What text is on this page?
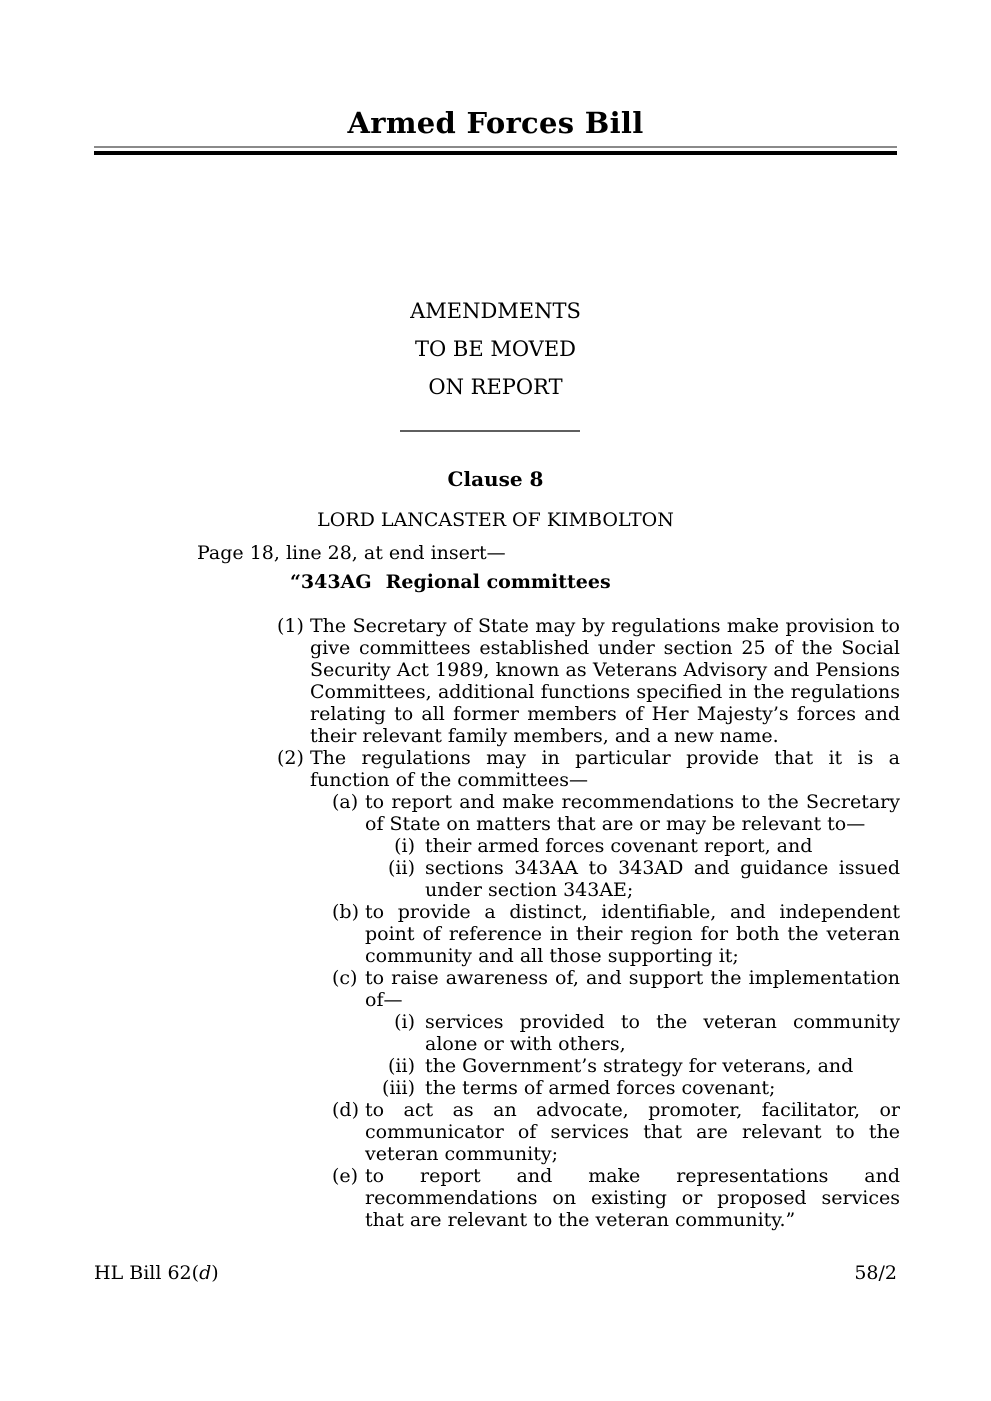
Armed Forces Bill
AMENDMENTS
TO BE MOVED
ON REPORT
Clause 8
LORD LANCASTER OF KIMBOLTON
Page 18, line 28, at end insert—
“343AG Regional committees
(1) The Secretary of State may by regulations make provision to give committees established under section 25 of the Social Security Act 1989, known as Veterans Advisory and Pensions Committees, additional functions specified in the regulations relating to all former members of Her Majesty’s forces and their relevant family members, and a new name.
(2) The regulations may in particular provide that it is a function of the committees—
(a) to report and make recommendations to the Secretary of State on matters that are or may be relevant to—
(i) their armed forces covenant report, and
(ii) sections 343AA to 343AD and guidance issued under section 343AE;
(b) to provide a distinct, identifiable, and independent point of reference in their region for both the veteran community and all those supporting it;
(c) to raise awareness of, and support the implementation of—
(i) services provided to the veteran community alone or with others,
(ii) the Government’s strategy for veterans, and
(iii) the terms of armed forces covenant;
(d) to act as an advocate, promoter, facilitator, or communicator of services that are relevant to the veteran community;
(e) to report and make representations and recommendations on existing or proposed services that are relevant to the veteran community.”
HL Bill 62(d)	58/2
